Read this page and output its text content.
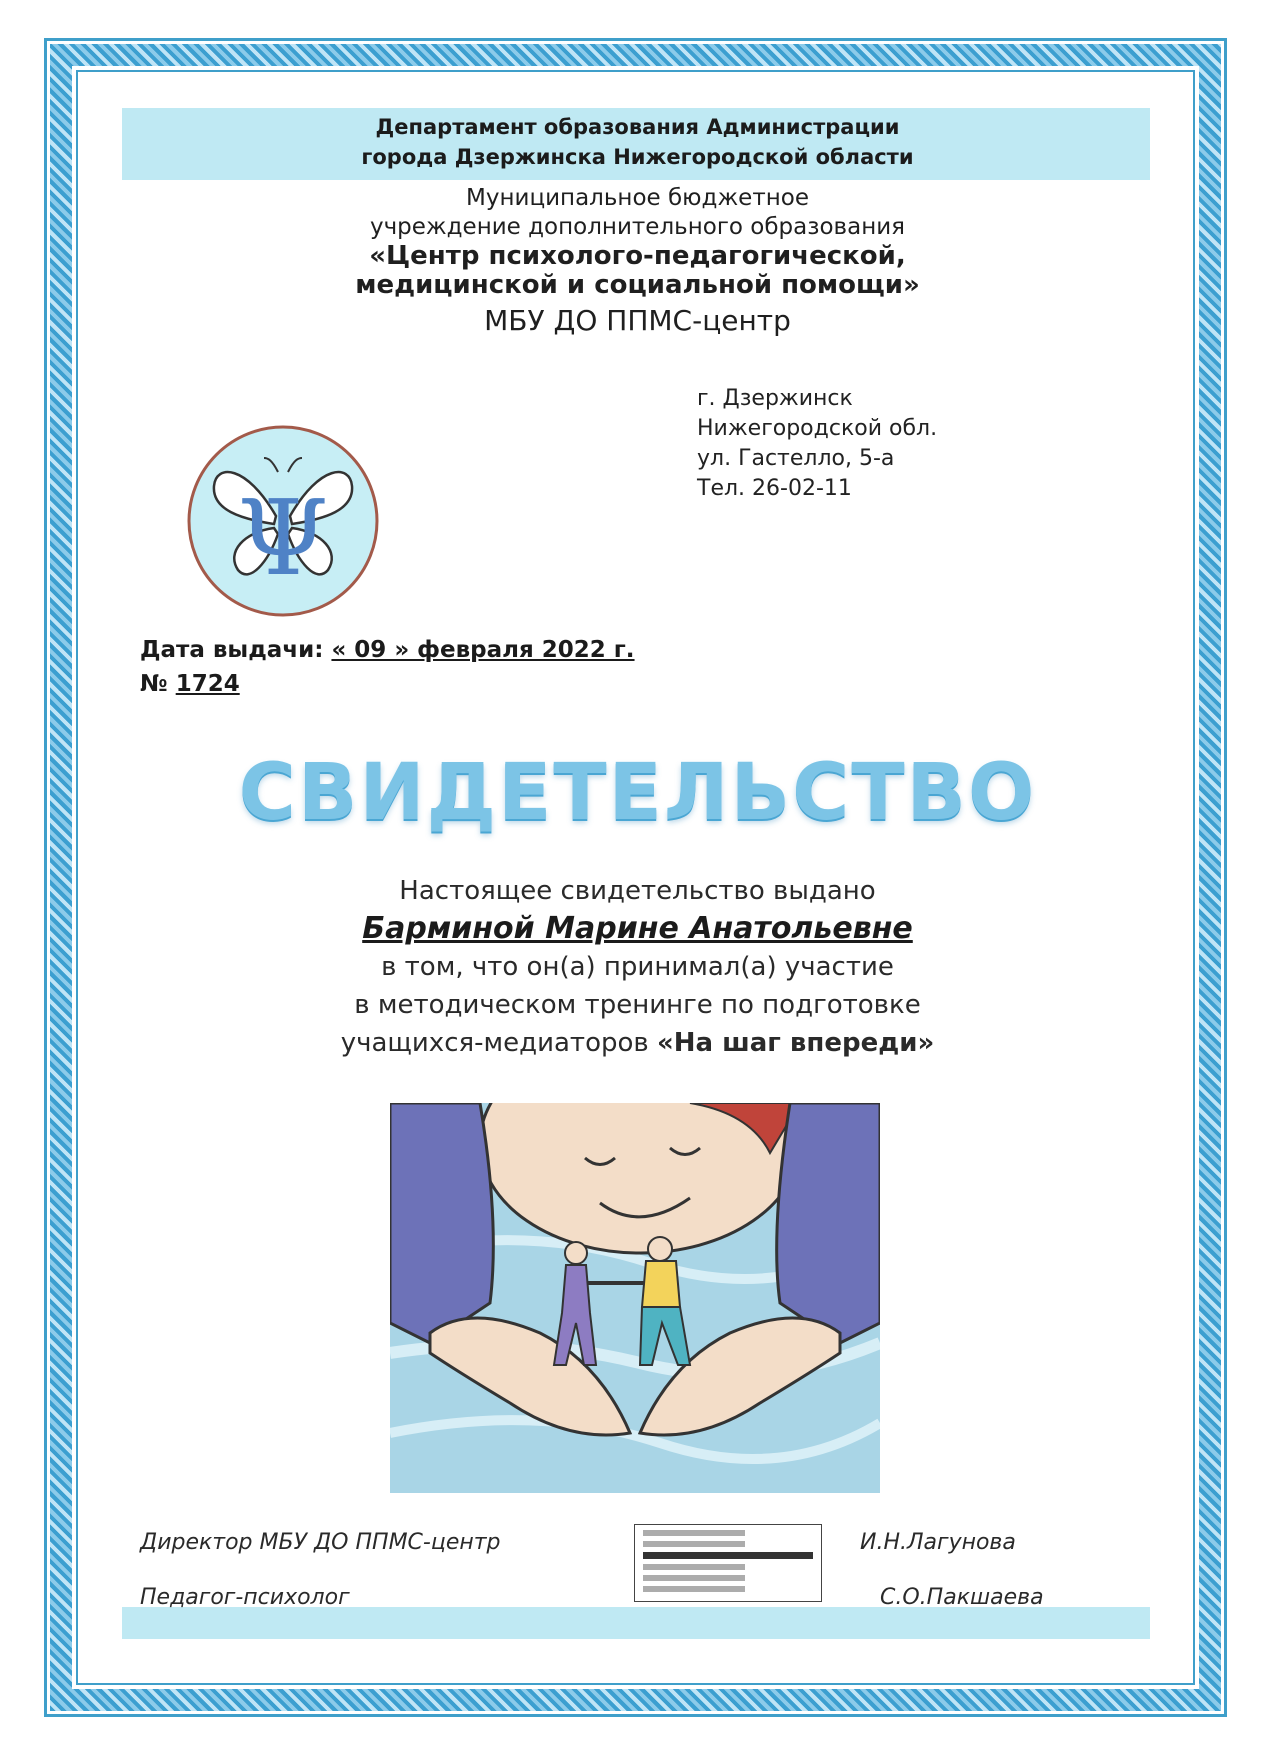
Департамент образования Администрации
города Дзержинска Нижегородской области
Муниципальное бюджетное
учреждение дополнительного образования
«Центр психолого-педагогической,
медицинской и социальной помощи»
МБУ ДО ППМС-центр
г. Дзержинск
Нижегородской обл.
ул. Гастелло, 5-а
Тел. 26-02-11
Ψ
Дата выдачи: « 09 » февраля 2022 г.
№ 1724
СВИДЕТЕЛЬСТВО
Настоящее свидетельство выдано
Барминой Марине Анатольевне
в том, что он(а) принимал(а) участие
в методическом тренинге по подготовке
учащихся-медиаторов «На шаг впереди»
Директор МБУ ДО ППМС-центр	И.Н.Лагунова
Педагог-психолог	С.О.Пакшаева
